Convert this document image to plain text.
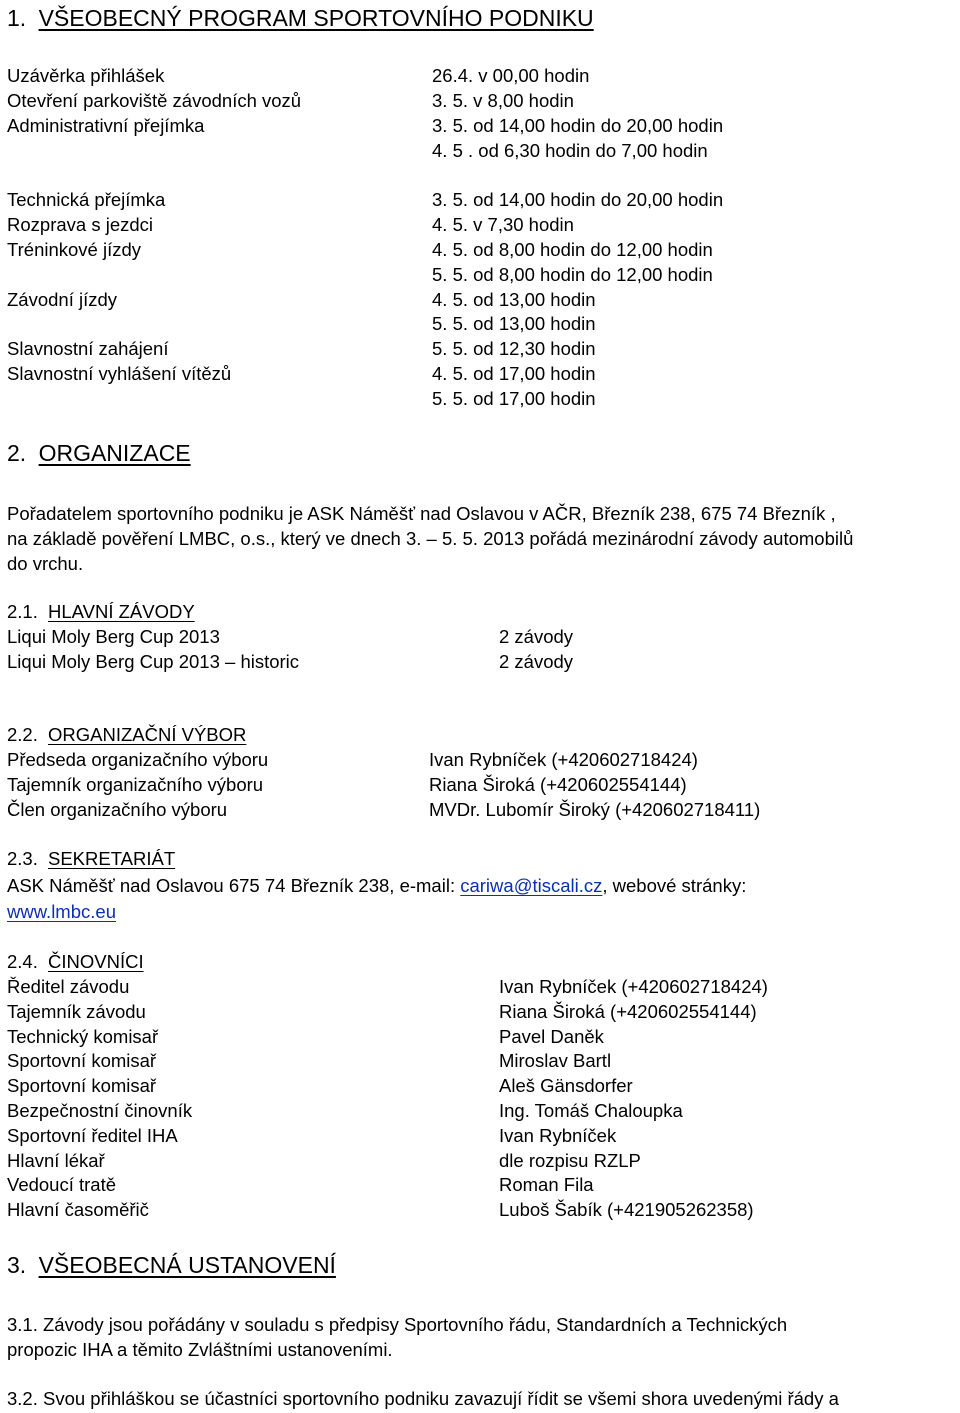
1. VŠEOBECNÝ PROGRAM SPORTOVNÍHO PODNIKU
Uzávěrka přihlášek	26.4. v 00,00 hodin
Otevření parkoviště závodních vozů	3. 5. v 8,00 hodin
Administrativní přejímka	3. 5. od 14,00 hodin do 20,00 hodin
4. 5 . od 6,30 hodin do 7,00 hodin
Technická přejímka	3. 5. od 14,00 hodin do 20,00 hodin
Rozprava s jezdci	4. 5. v 7,30 hodin
Tréninkové jízdy	4. 5. od 8,00 hodin do 12,00 hodin
5. 5. od 8,00 hodin do 12,00 hodin
Závodní jízdy	4. 5. od 13,00 hodin
5. 5. od 13,00 hodin
Slavnostní zahájení	5. 5. od 12,30 hodin
Slavnostní vyhlášení vítězů	4. 5. od 17,00 hodin
5. 5. od 17,00 hodin
2. ORGANIZACE
Pořadatelem sportovního podniku je ASK Náměšť nad Oslavou v AČR, Březník 238, 675 74 Březník ,
na základě pověření LMBC, o.s., který ve dnech 3. – 5. 5. 2013 pořádá mezinárodní závody automobilů
do vrchu.
2.1. HLAVNÍ ZÁVODY
Liqui Moly Berg Cup 2013	2 závody
Liqui Moly Berg Cup 2013 – historic	2 závody
2.2. ORGANIZAČNÍ VÝBOR
Předseda organizačního výboru	Ivan Rybníček (+420602718424)
Tajemník organizačního výboru	Riana Široká (+420602554144)
Člen organizačního výboru	MVDr. Lubomír Široký (+420602718411)
2.3. SEKRETARIÁT
ASK Náměšť nad Oslavou 675 74 Březník 238, e-mail: cariwa@tiscali.cz, webové stránky:
www.lmbc.eu
2.4. ČINOVNÍCI
Ředitel závodu	Ivan Rybníček (+420602718424)
Tajemník závodu	Riana Široká (+420602554144)
Technický komisař	Pavel Daněk
Sportovní komisař	Miroslav Bartl
Sportovní komisař	Aleš Gänsdorfer
Bezpečnostní činovník	Ing. Tomáš Chaloupka
Sportovní ředitel IHA	Ivan Rybníček
Hlavní lékař	dle rozpisu RZLP
Vedoucí tratě	Roman Fila
Hlavní časoměřič	Luboš Šabík (+421905262358)
3. VŠEOBECNÁ USTANOVENÍ
3.1. Závody jsou pořádány v souladu s předpisy Sportovního řádu, Standardních a Technických
propozic IHA a těmito Zvláštními ustanoveními.
3.2. Svou přihláškou se účastníci sportovního podniku zavazují řídit se všemi shora uvedenými řády a
